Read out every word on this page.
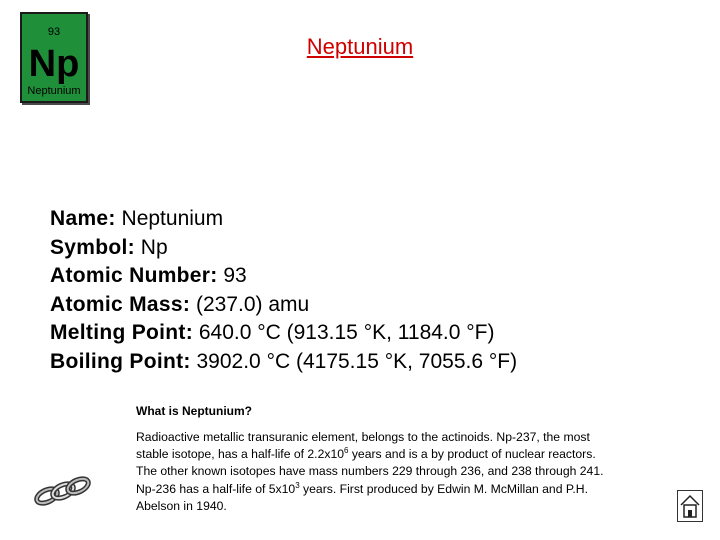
93
Np
Neptunium
Neptunium
Name: Neptunium
Symbol: Np
Atomic Number: 93
Atomic Mass: (237.0) amu
Melting Point: 640.0 °C (913.15 °K, 1184.0 °F)
Boiling Point: 3902.0 °C (4175.15 °K, 7055.6 °F)
What is Neptunium?
Radioactive metallic transuranic element, belongs to the actinoids. Np-237, the most stable isotope, has a half-life of $2.2x10^6$ years and is a by product of nuclear reactors. The other known isotopes have mass numbers 229 through 236, and 238 through 241. Np-236 has a half-life of $5x10^3$ years. First produced by Edwin M. McMillan and P.H. Abelson in 1940.
